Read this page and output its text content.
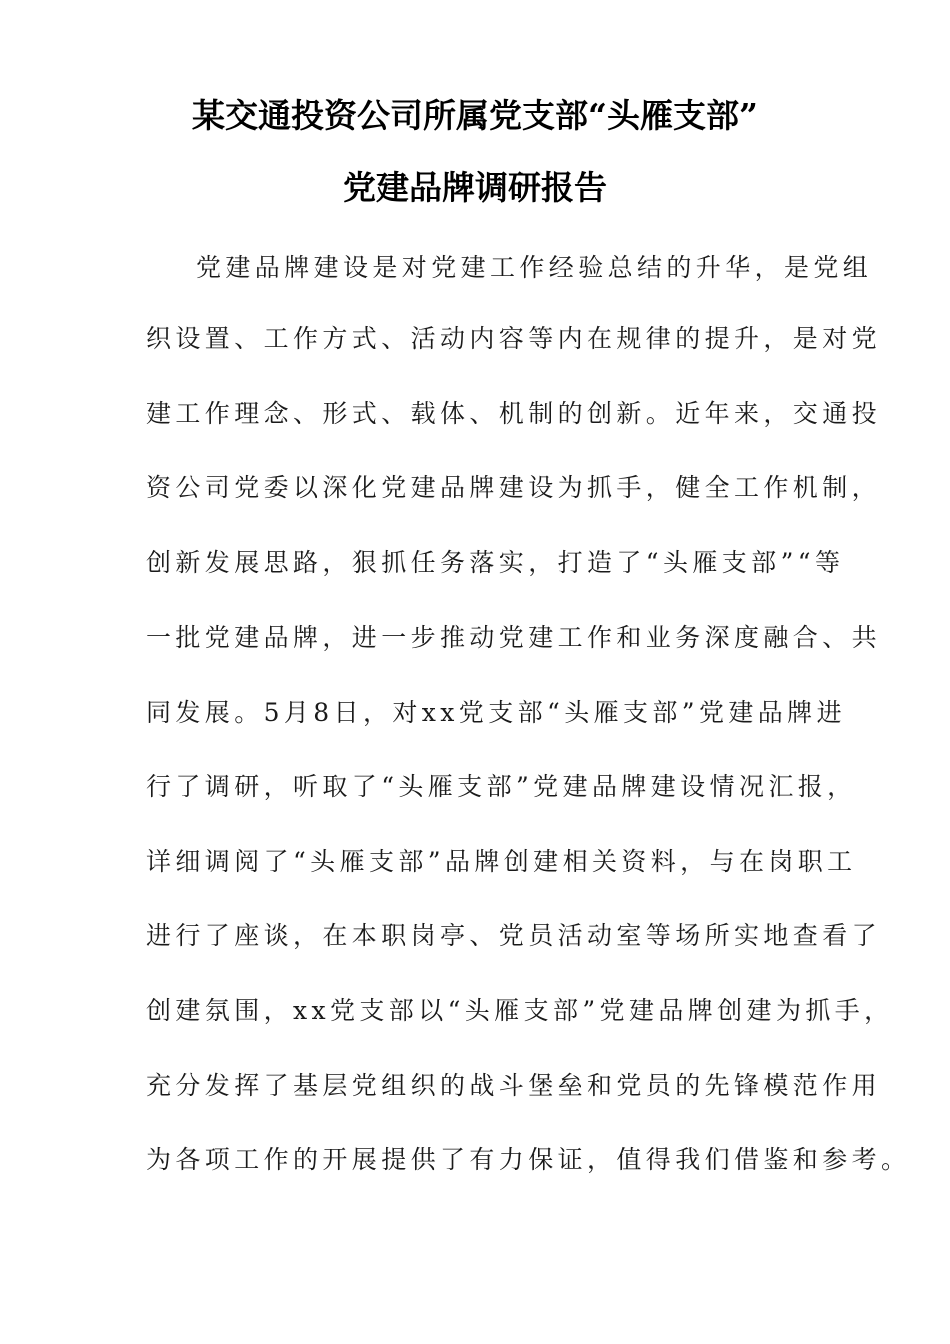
某交通投资公司所属党支部“头雁支部”
党建品牌调研报告
党建品牌建设是对党建工作经验总结的升华，是党组
织设置、工作方式、活动内容等内在规律的提升，是对党
建工作理念、形式、载体、机制的创新。近年来，交通投
资公司党委以深化党建品牌建设为抓手，健全工作机制，
创新发展思路，狠抓任务落实，打造了“头雁支部”“等
一批党建品牌，进一步推动党建工作和业务深度融合、共
同发展。5月8日，对xx党支部“头雁支部”党建品牌进
行了调研，听取了“头雁支部”党建品牌建设情况汇报，
详细调阅了“头雁支部”品牌创建相关资料，与在岗职工
进行了座谈，在本职岗亭、党员活动室等场所实地查看了
创建氛围，xx党支部以“头雁支部”党建品牌创建为抓手，
充分发挥了基层党组织的战斗堡垒和党员的先锋模范作用
为各项工作的开展提供了有力保证，值得我们借鉴和参考。
